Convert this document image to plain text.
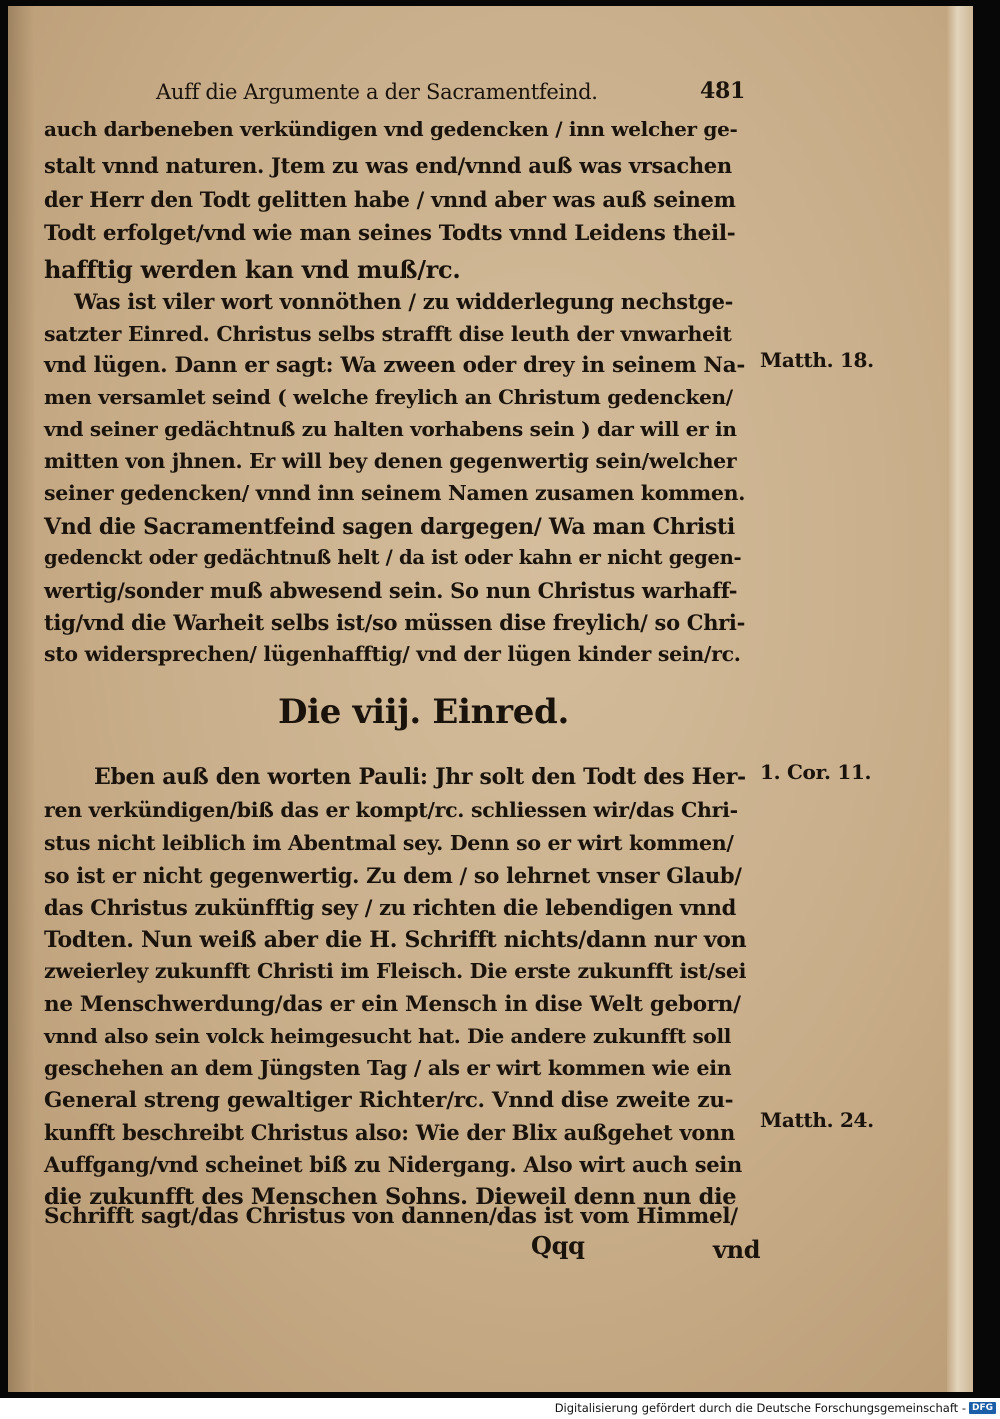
Auff die Argumente a der Sacramentfeind.	481
auch darbeneben verkündigen vnd gedencken / inn welcher ge-
stalt vnnd naturen. Jtem zu was end/vnnd auß was vrsachen
der Herr den Todt gelitten habe / vnnd aber was auß seinem
Todt erfolget/vnd wie man seines Todts vnnd Leidens theil-
hafftig werden kan vnd muß/rc.
Was ist viler wort vonnöthen / zu widderlegung nechstge-
satzter Einred. Christus selbs strafft dise leuth der vnwarheit
vnd lügen. Dann er sagt: Wa zween oder drey in seinem Na-
men versamlet seind ( welche freylich an Christum gedencken/
vnd seiner gedächtnuß zu halten vorhabens sein ) dar will er in
mitten von jhnen. Er will bey denen gegenwertig sein/welcher
seiner gedencken/ vnnd inn seinem Namen zusamen kommen.
Vnd die Sacramentfeind sagen dargegen/ Wa man Christi
gedenckt oder gedächtnuß helt / da ist oder kahn er nicht gegen-
wertig/sonder muß abwesend sein. So nun Christus warhaff-
tig/vnd die Warheit selbs ist/so müssen dise freylich/ so Chri-
sto widersprechen/ lügenhafftig/ vnd der lügen kinder sein/rc.
Die viij. Einred.
Eben auß den worten Pauli: Jhr solt den Todt des Her-
ren verkündigen/biß das er kompt/rc. schliessen wir/das Chri-
stus nicht leiblich im Abentmal sey. Denn so er wirt kommen/
so ist er nicht gegenwertig. Zu dem / so lehrnet vnser Glaub/
das Christus zukünfftig sey / zu richten die lebendigen vnnd
Todten. Nun weiß aber die H. Schrifft nichts/dann nur von
zweierley zukunfft Christi im Fleisch. Die erste zukunfft ist/sei
ne Menschwerdung/das er ein Mensch in dise Welt geborn/
vnnd also sein volck heimgesucht hat. Die andere zukunfft soll
geschehen an dem Jüngsten Tag / als er wirt kommen wie ein
General streng gewaltiger Richter/rc. Vnnd dise zweite zu-
kunfft beschreibt Christus also: Wie der Blix außgehet vonn
Auffgang/vnd scheinet biß zu Nidergang. Also wirt auch sein
die zukunfft des Menschen Sohns. Dieweil denn nun die
Schrifft sagt/das Christus von dannen/das ist vom Himmel/
Matth. 18.
1. Cor. 11.
Matth. 24.
Qqq	vnd
Digitalisierung gefördert durch die Deutsche Forschungsgemeinschaft - DFG
